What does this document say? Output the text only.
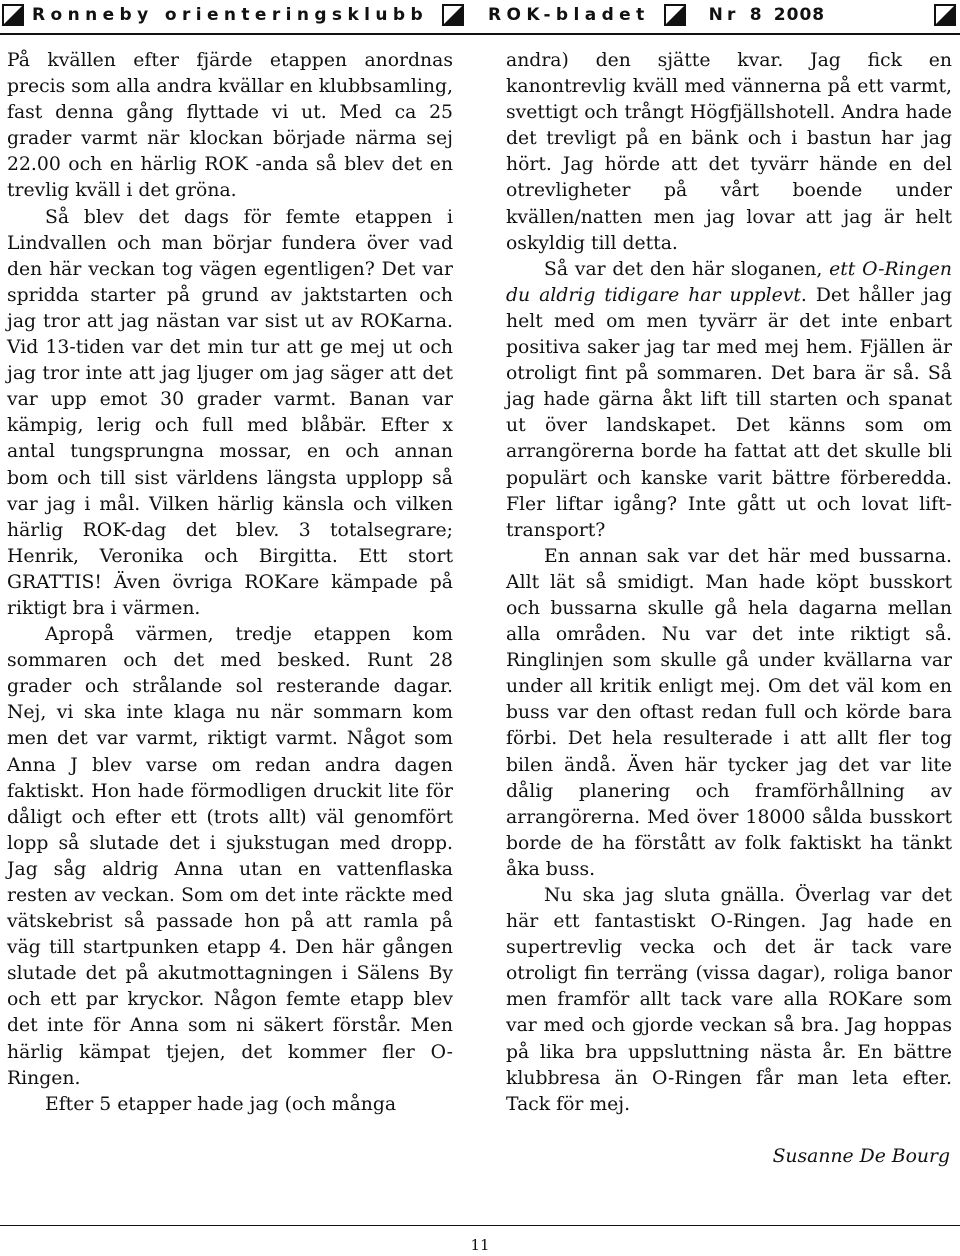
Ronneby orienteringsklubb	ROK-bladet	Nr 8 2008

På kvällen efter fjärde etappen anordnas precis som alla andra kvällar en klubbsamling, fast denna gång flyttade vi ut. Med ca 25 grader varmt när klockan började närma sej 22.00 och en härlig ROK -anda så blev det en trevlig kväll i det gröna.

Så blev det dags för femte etappen i Lindvallen och man börjar fundera över vad den här veckan tog vägen egentligen? Det var spridda starter på grund av jaktstarten och jag tror att jag nästan var sist ut av ROKarna. Vid 13-tiden var det min tur att ge mej ut och jag tror inte att jag ljuger om jag säger att det var upp emot 30 grader varmt. Banan var kämpig, lerig och full med blåbär. Efter x antal tungsprungna mossar, en och annan bom och till sist världens längsta upplopp så var jag i mål. Vilken härlig känsla och vilken härlig ROK-dag det blev. 3 totalsegrare; Henrik, Veronika och Birgitta. Ett stort GRATTIS! Även övriga ROKare kämpade på riktigt bra i värmen.

Apropå värmen, tredje etappen kom sommaren och det med besked. Runt 28 grader och strålande sol resterande dagar. Nej, vi ska inte klaga nu när sommarn kom men det var varmt, riktigt varmt. Något som Anna J blev varse om redan andra dagen faktiskt. Hon hade förmodligen druckit lite för dåligt och efter ett (trots allt) väl genomfört lopp så slutade det i sjukstugan med dropp. Jag såg aldrig Anna utan en vattenflaska resten av veckan. Som om det inte räckte med vätskebrist så passade hon på att ramla på väg till startpunken etapp 4. Den här gången slutade det på akutmottagningen i Sälens By och ett par kryckor. Någon femte etapp blev det inte för Anna som ni säkert förstår. Men härlig kämpat tjejen, det kommer fler O-Ringen.

Efter 5 etapper hade jag (och många

andra) den sjätte kvar. Jag fick en kanontrevlig kväll med vännerna på ett varmt, svettigt och trångt Högfjällshotell. Andra hade det trevligt på en bänk och i bastun har jag hört. Jag hörde att det tyvärr hände en del otrevligheter på vårt boende under kvällen/natten men jag lovar att jag är helt oskyldig till detta.

Så var det den här sloganen, ett O-Ringen du aldrig tidigare har upplevt. Det håller jag helt med om men tyvärr är det inte enbart positiva saker jag tar med mej hem. Fjällen är otroligt fint på sommaren. Det bara är så. Så jag hade gärna åkt lift till starten och spanat ut över landskapet. Det känns som om arrangörerna borde ha fattat att det skulle bli populärt och kanske varit bättre förberedda. Fler liftar igång? Inte gått ut och lovat lift-transport?

En annan sak var det här med bussarna. Allt lät så smidigt. Man hade köpt busskort och bussarna skulle gå hela dagarna mellan alla områden. Nu var det inte riktigt så. Ringlinjen som skulle gå under kvällarna var under all kritik enligt mej. Om det väl kom en buss var den oftast redan full och körde bara förbi. Det hela resulterade i att allt fler tog bilen ändå. Även här tycker jag det var lite dålig planering och framförhållning av arrangörerna. Med över 18000 sålda busskort borde de ha förstått av folk faktiskt ha tänkt åka buss.

Nu ska jag sluta gnälla. Överlag var det här ett fantastiskt O-Ringen. Jag hade en supertrevlig vecka och det är tack vare otroligt fin terräng (vissa dagar), roliga banor men framför allt tack vare alla ROKare som var med och gjorde veckan så bra. Jag hoppas på lika bra uppsluttning nästa år. En bättre klubbresa än O-Ringen får man leta efter. Tack för mej.

Susanne De Bourg
11
